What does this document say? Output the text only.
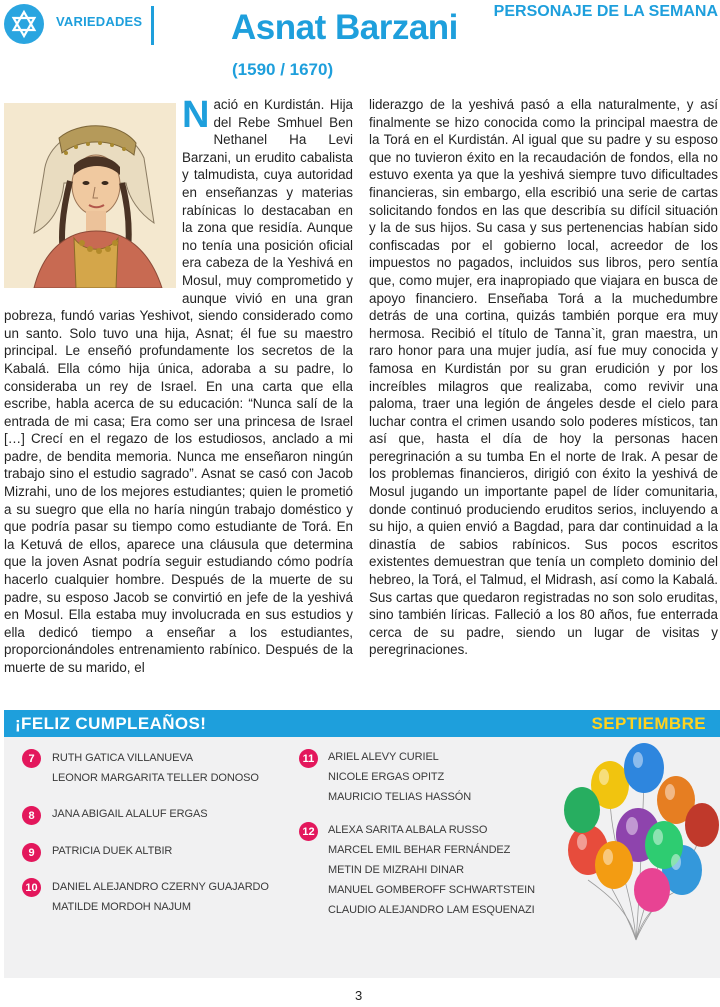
VARIEDADES	Asnat Barzani
(1590 / 1670)
PERSONAJE DE LA SEMANA
N ació en Kurdistán. Hija del Rebe Smhuel Ben Nethanel Ha Levi Barzani, un erudito cabalista y talmudista, cuya autoridad en enseñanzas y materias rabínicas lo destacaban en la zona que residía. Aunque no tenía una posición oficial era cabeza de la Yeshivá en Mosul, muy comprometido y aunque vivió en una gran pobreza, fundó varias Yeshivot, siendo considerado como un santo. Solo tuvo una hija, Asnat; él fue su maestro principal. Le enseñó profundamente los secretos de la Kabalá. Ella cómo hija única, adoraba a su padre, lo consideraba un rey de Israel. En una carta que ella escribe, habla acerca de su educación: “Nunca salí de la entrada de mi casa; Era como ser una princesa de Israel […] Crecí en el regazo de los estudiosos, anclado a mi padre, de bendita memoria. Nunca me enseñaron ningún trabajo sino el estudio sagrado”. Asnat se casó con Jacob Mizrahi, uno de los mejores estudiantes; quien le prometió a su suegro que ella no haría ningún trabajo doméstico y que podría pasar su tiempo como estudiante de Torá. En la Ketuvá de ellos, aparece una cláusula que determina que la joven Asnat podría seguir estudiando cómo podría hacerlo cualquier hombre. Después de la muerte de su padre, su esposo Jacob se convirtió en jefe de la yeshivá en Mosul. Ella estaba muy involucrada en sus estudios y ella dedicó tiempo a enseñar a los estudiantes, proporcionándoles entrenamiento rabínico. Después de la muerte de su marido, el
liderazgo de la yeshivá pasó a ella naturalmente, y así finalmente se hizo conocida como la principal maestra de la Torá en el Kurdistán. Al igual que su padre y su esposo que no tuvieron éxito en la recaudación de fondos, ella no estuvo exenta ya que la yeshivá siempre tuvo dificultades financieras, sin embargo, ella escribió una serie de cartas solicitando fondos en las que describía su difícil situación y la de sus hijos. Su casa y sus pertenencias habían sido confiscadas por el gobierno local, acreedor de los impuestos no pagados, incluidos sus libros, pero sentía que, como mujer, era inapropiado que viajara en busca de apoyo financiero. Enseñaba Torá a la muchedumbre detrás de una cortina, quizás también porque era muy hermosa. Recibió el título de Tanna`it, gran maestra, un raro honor para una mujer judía, así fue muy conocida y famosa en Kurdistán por su gran erudición y por los increíbles milagros que realizaba, como revivir una paloma, traer una legión de ángeles desde el cielo para luchar contra el crimen usando solo poderes místicos, tan así que, hasta el día de hoy la personas hacen peregrinación a su tumba En el norte de Irak. A pesar de los problemas financieros, dirigió con éxito la yeshivá de Mosul jugando un importante papel de líder comunitaria, donde continuó produciendo eruditos serios, incluyendo a su hijo, a quien envió a Bagdad, para dar continuidad a la dinastía de sabios rabínicos. Sus pocos escritos existentes demuestran que tenía un completo dominio del hebreo, la Torá, el Talmud, el Midrash, así como la Kabalá. Sus cartas que quedaron registradas no son solo eruditas, sino también líricas. Falleció a los 80 años, fue enterrada cerca de su padre, siendo un lugar de visitas y peregrinaciones.
¡FELIZ CUMPLEAÑOS!	SEPTIEMBRE
7	RUTH GATICA VILLANUEVA
LEONOR MARGARITA TELLER DONOSO
8	JANA ABIGAIL ALALUF ERGAS
9	PATRICIA DUEK ALTBIR
10	DANIEL ALEJANDRO CZERNY GUAJARDO
MATILDE MORDOH NAJUM
11	ARIEL ALEVY CURIEL
NICOLE ERGAS OPITZ
MAURICIO TELIAS HASSÓN
12	ALEXA SARITA ALBALA RUSSO
MARCEL EMIL BEHAR FERNÁNDEZ
METIN DE MIZRAHI DINAR
MANUEL GOMBEROFF SCHWARTSTEIN
CLAUDIO ALEJANDRO LAM ESQUENAZI
3
